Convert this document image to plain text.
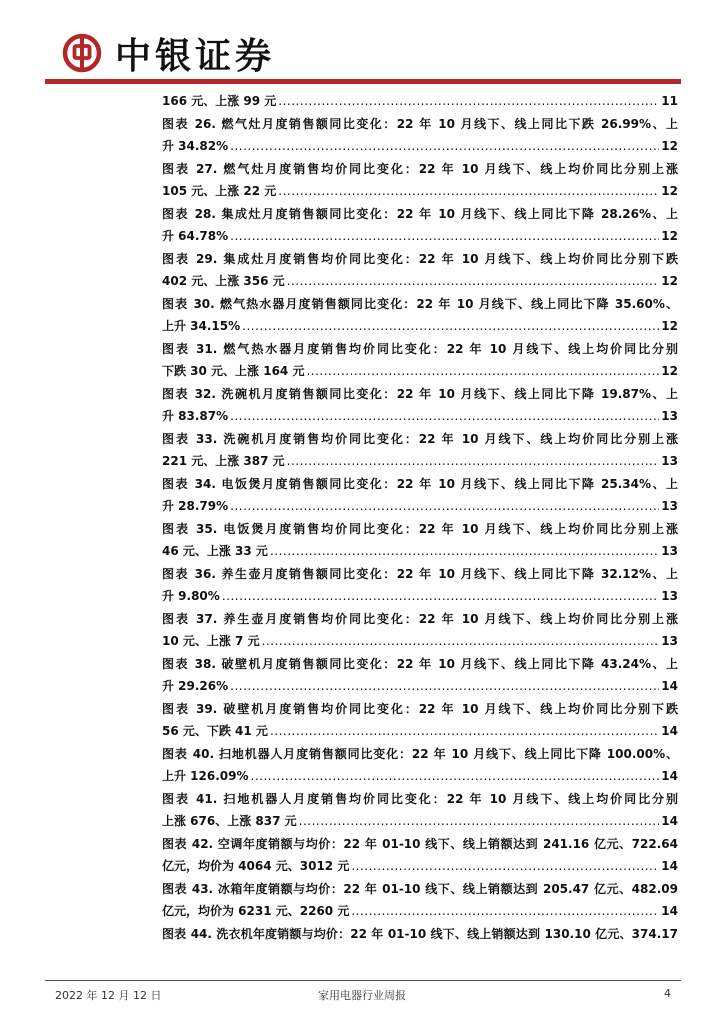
中银证券
166 元、上涨 99 元 .....	11
图表 26. 燃气灶月度销售额同比变化：22 年 10 月线下、线上同比下跌 26.99%、上
升 34.82% .....	12
图表 27. 燃气灶月度销售均价同比变化：22 年 10 月线下、线上均价同比分别上涨
105 元、上涨 22 元 .....	12
图表 28. 集成灶月度销售额同比变化：22 年 10 月线下、线上同比下降 28.26%、上
升 64.78% .....	12
图表 29. 集成灶月度销售均价同比变化：22 年 10 月线下、线上均价同比分别下跌
402 元、上涨 356 元 .....	12
图表 30. 燃气热水器月度销售额同比变化：22 年 10 月线下、线上同比下降 35.60%、
上升 34.15% .....	12
图表 31. 燃气热水器月度销售均价同比变化：22 年 10 月线下、线上均价同比分别
下跌 30 元、上涨 164 元 .....	12
图表 32. 洗碗机月度销售额同比变化：22 年 10 月线下、线上同比下降 19.87%、上
升 83.87% .....	13
图表 33. 洗碗机月度销售均价同比变化：22 年 10 月线下、线上均价同比分别上涨
221 元、上涨 387 元 .....	13
图表 34. 电饭煲月度销售额同比变化：22 年 10 月线下、线上同比下降 25.34%、上
升 28.79% .....	13
图表 35. 电饭煲月度销售均价同比变化：22 年 10 月线下、线上均价同比分别上涨
46 元、上涨 33 元 .....	13
图表 36. 养生壶月度销售额同比变化：22 年 10 月线下、线上同比下降 32.12%、上
升 9.80% .....	13
图表 37. 养生壶月度销售均价同比变化：22 年 10 月线下、线上均价同比分别上涨
10 元、上涨 7 元 .....	13
图表 38. 破壁机月度销售额同比变化：22 年 10 月线下、线上同比下降 43.24%、上
升 29.26% .....	14
图表 39. 破壁机月度销售均价同比变化：22 年 10 月线下、线上均价同比分别下跌
56 元、下跌 41 元 .....	14
图表 40. 扫地机器人月度销售额同比变化：22 年 10 月线下、线上同比下降 100.00%、
上升 126.09% .....	14
图表 41. 扫地机器人月度销售均价同比变化：22 年 10 月线下、线上均价同比分别
上涨 676、上涨 837 元 .....	14
图表 42. 空调年度销额与均价：22 年 01-10 线下、线上销额达到 241.16 亿元、722.64
亿元，均价为 4064 元、3012 元 .....	14
图表 43. 冰箱年度销额与均价：22 年 01-10 线下、线上销额达到 205.47 亿元、482.09
亿元，均价为 6231 元、2260 元 .....	14
图表 44. 洗衣机年度销额与均价：22 年 01-10 线下、线上销额达到 130.10 亿元、374.17
2022 年 12 月 12 日	家用电器行业周报	4
